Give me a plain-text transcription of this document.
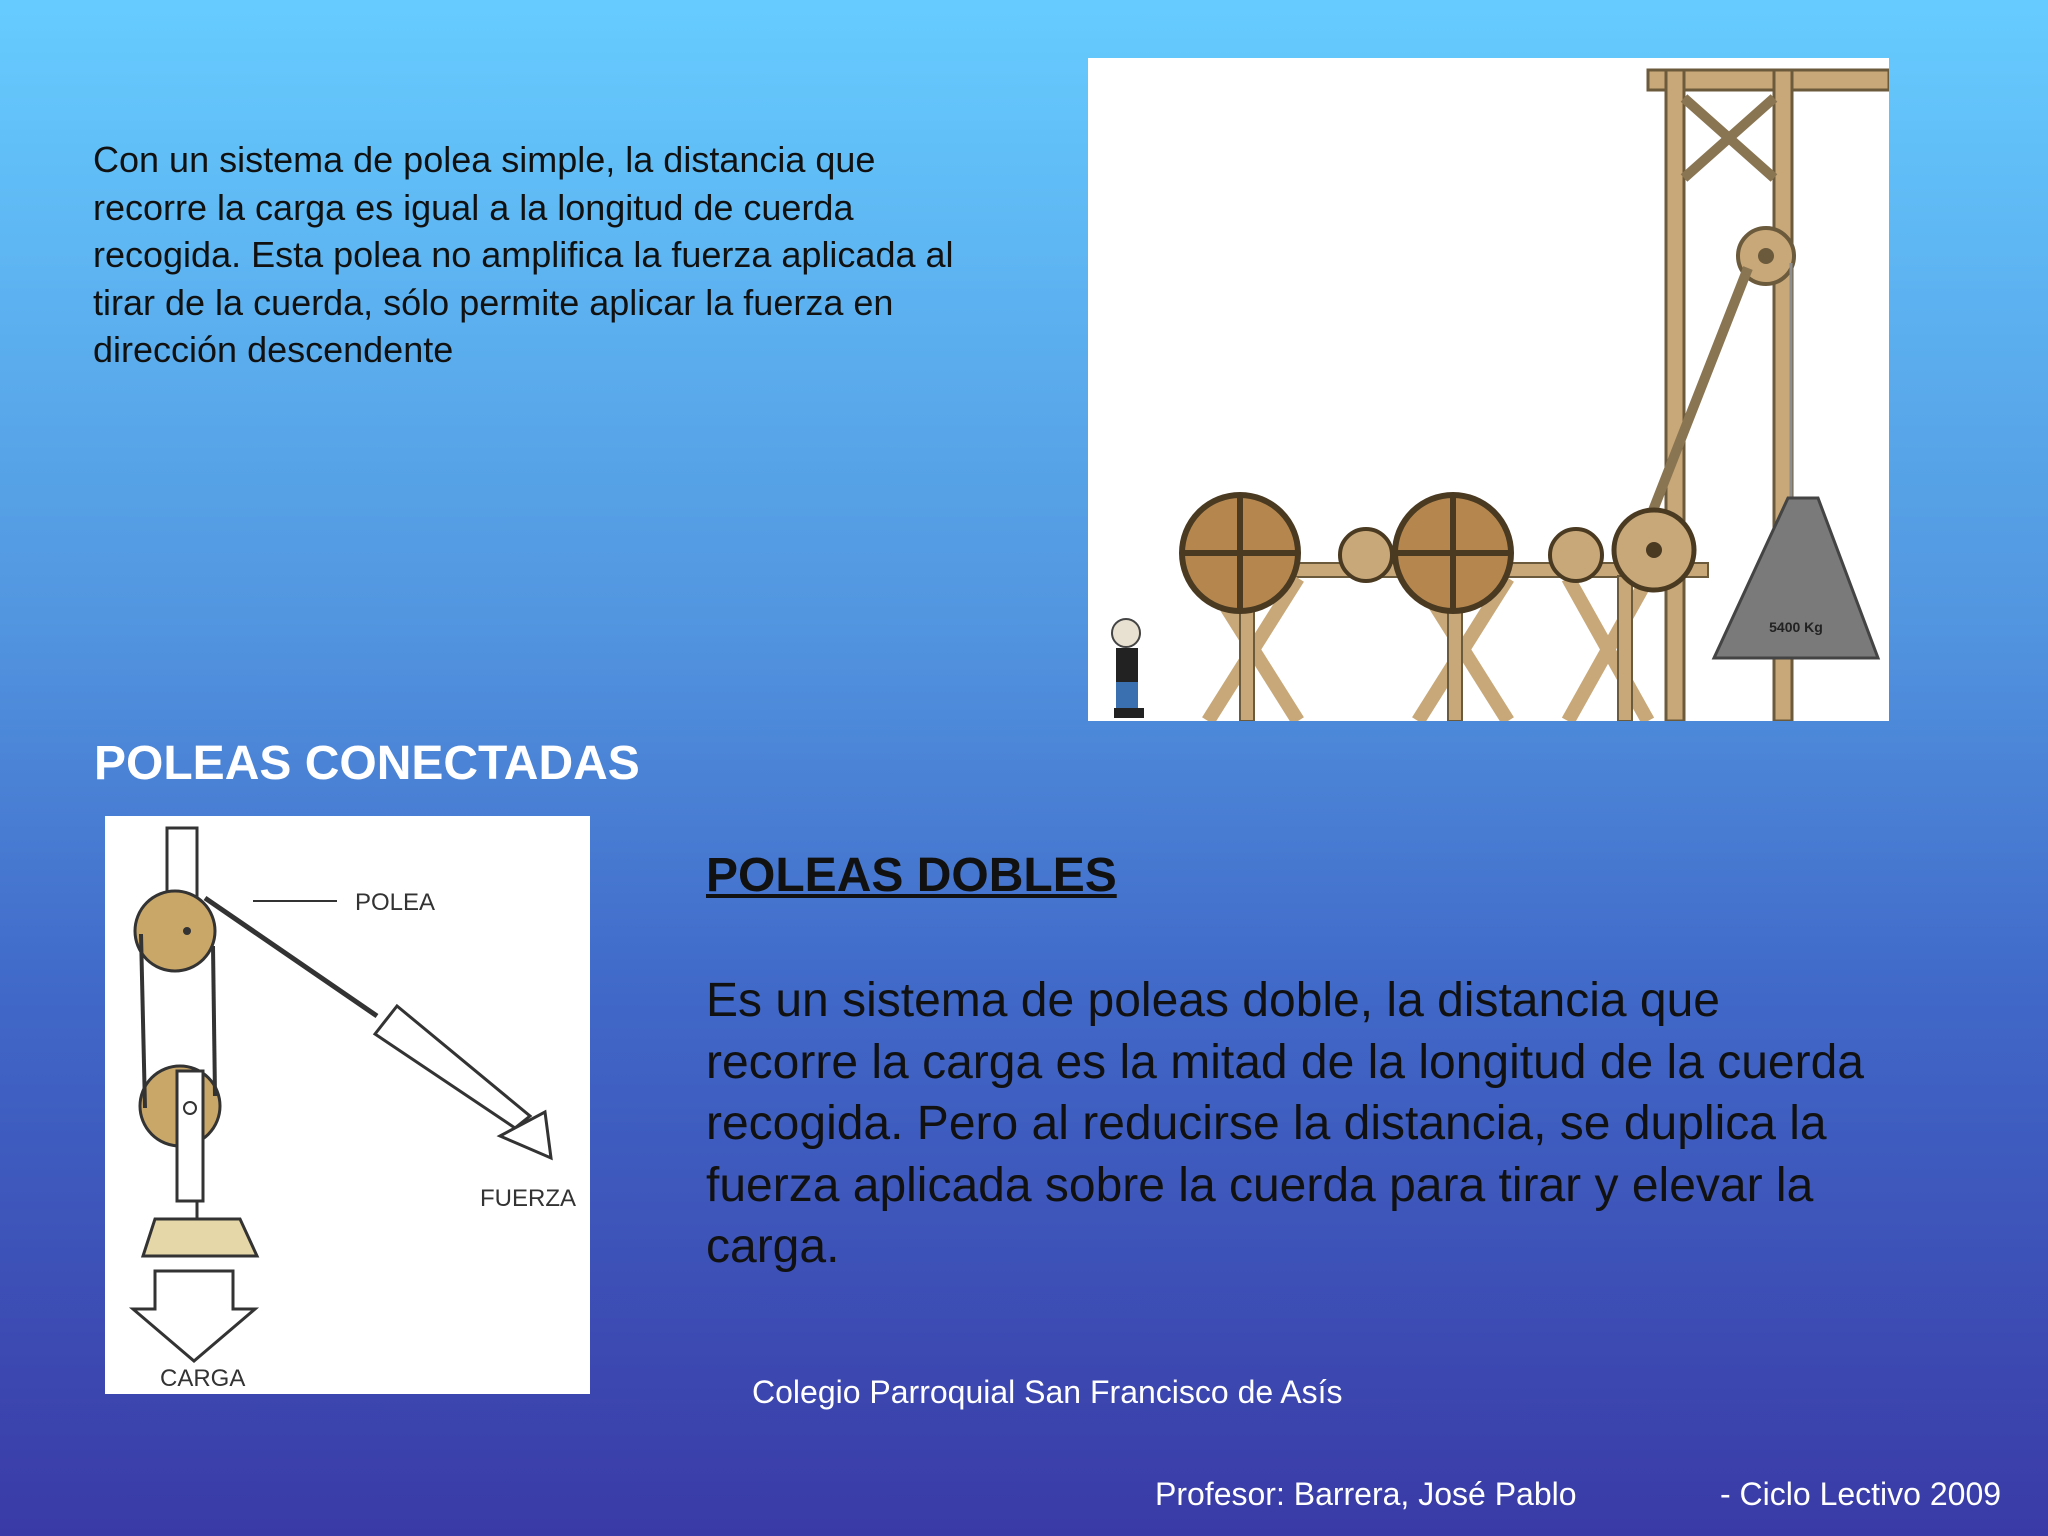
Con un sistema de polea simple, la distancia que
recorre la carga es igual a la longitud de cuerda
recogida. Esta polea no amplifica la fuerza aplicada al
tirar de la cuerda, sólo permite aplicar la fuerza en
dirección descendente
5400 Kg
POLEAS CONECTADAS
POLEA
FUERZA
CARGA
POLEAS DOBLES
Es un sistema de poleas doble, la distancia que
recorre la carga es la mitad de la longitud de la cuerda
recogida. Pero al reducirse la distancia, se duplica la
fuerza aplicada sobre la cuerda para tirar y elevar la
carga.
Colegio Parroquial San Francisco de Asís
Profesor: Barrera, José Pablo	- Ciclo Lectivo 2009
